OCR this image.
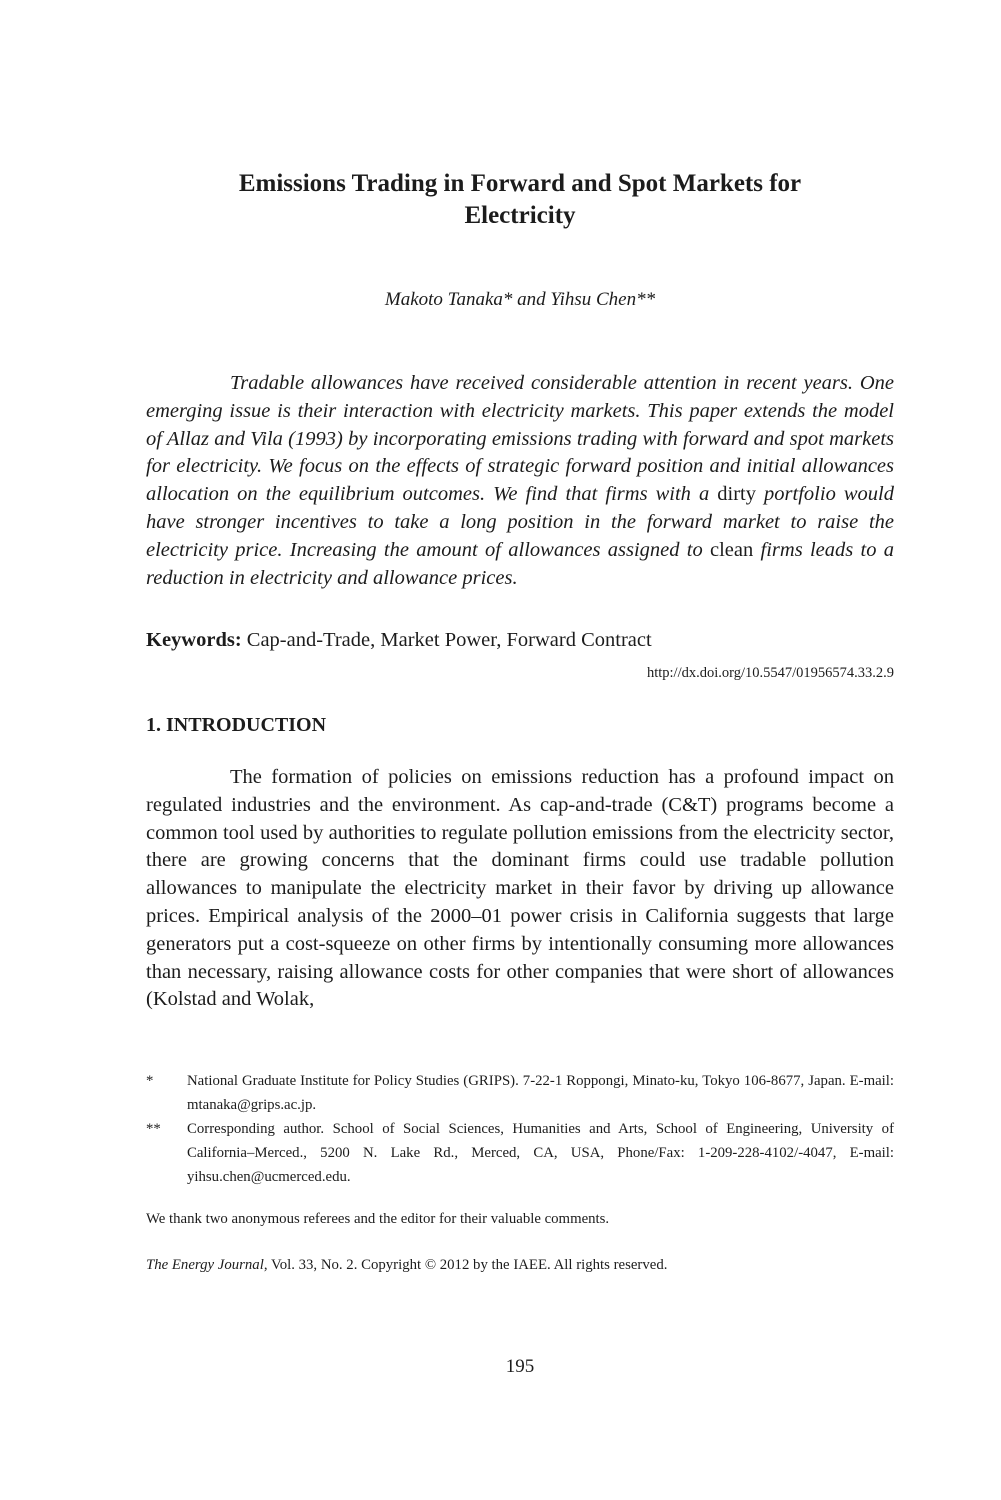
Emissions Trading in Forward and Spot Markets for
Electricity

Makoto Tanaka* and Yihsu Chen**

Tradable allowances have received considerable attention in recent years. One emerging issue is their interaction with electricity markets. This paper extends the model of Allaz and Vila (1993) by incorporating emissions trading with forward and spot markets for electricity. We focus on the effects of strategic forward position and initial allowances allocation on the equilibrium outcomes. We find that firms with a dirty portfolio would have stronger incentives to take a long position in the forward market to raise the electricity price. Increasing the amount of allowances assigned to clean firms leads to a reduction in electricity and allowance prices.

Keywords: Cap-and-Trade, Market Power, Forward Contract

http://dx.doi.org/10.5547/01956574.33.2.9

1. INTRODUCTION

The formation of policies on emissions reduction has a profound impact on regulated industries and the environment. As cap-and-trade (C&T) programs become a common tool used by authorities to regulate pollution emissions from the electricity sector, there are growing concerns that the dominant firms could use tradable pollution allowances to manipulate the electricity market in their favor by driving up allowance prices. Empirical analysis of the 2000–01 power crisis in California suggests that large generators put a cost-squeeze on other firms by intentionally consuming more allowances than necessary, raising allowance costs for other companies that were short of allowances (Kolstad and Wolak,

*	National Graduate Institute for Policy Studies (GRIPS). 7-22-1 Roppongi, Minato-ku, Tokyo 106-8677, Japan. E-mail: mtanaka@grips.ac.jp.
**	Corresponding author. School of Social Sciences, Humanities and Arts, School of Engineering, University of California–Merced., 5200 N. Lake Rd., Merced, CA, USA, Phone/Fax: 1-209-228-4102/-4047, E-mail: yihsu.chen@ucmerced.edu.

We thank two anonymous referees and the editor for their valuable comments.

The Energy Journal, Vol. 33, No. 2. Copyright © 2012 by the IAEE. All rights reserved.

195
